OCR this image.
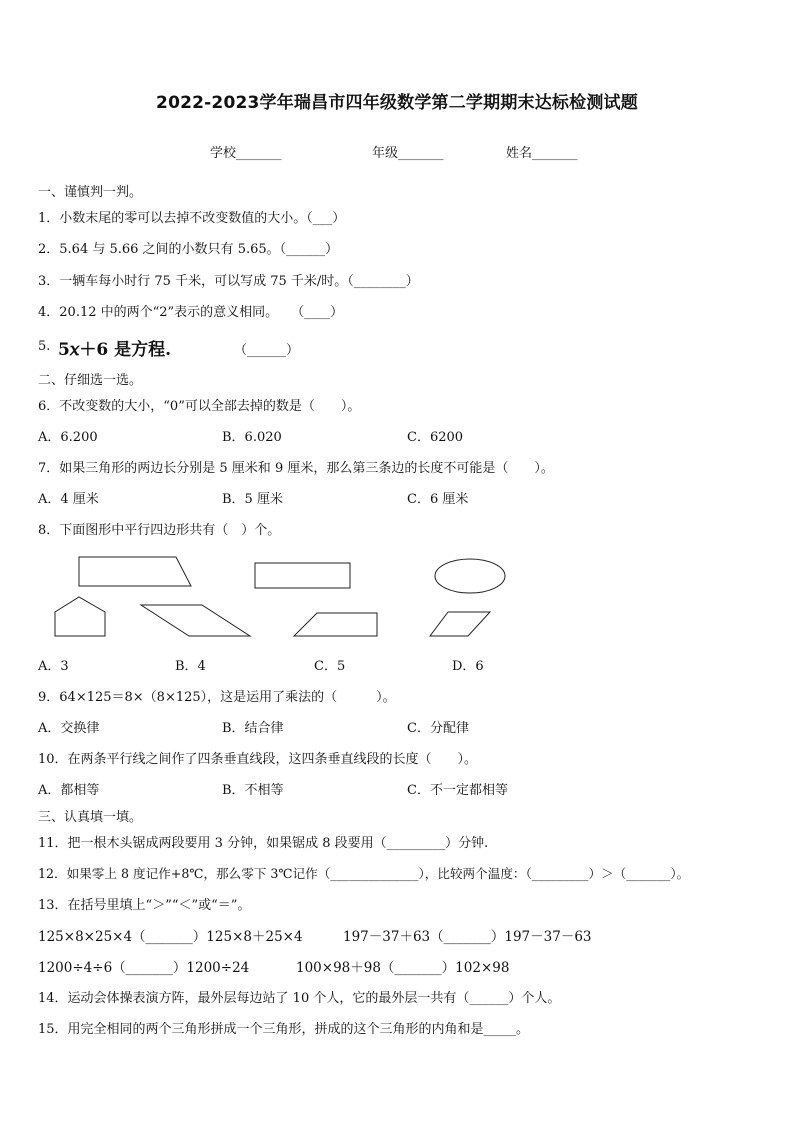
2022-2023学年瑞昌市四年级数学第二学期期末达标检测试题
学校_______	年级_______	姓名_______
一、谨慎判一判。
1．小数末尾的零可以去掉不改变数值的大小。（___）
2．5.64 与 5.66 之间的小数只有 5.65。（______）
3．一辆车每小时行 75 千米，可以写成 75 千米/时。（________）
4．20.12 中的两个“2”表示的意义相同。　　（____）
5. 5𝑥＋6 是方程.	（______）
二、仔细选一选。
6．不改变数的大小，“0”可以全部去掉的数是（　　）。
A．6.200	B．6.020	C．6200
7．如果三角形的两边长分别是 5 厘米和 9 厘米，那么第三条边的长度不可能是（　　）。
A．4 厘米	B．5 厘米	C．6 厘米
8．下面图形中平行四边形共有（　）个。
A．3	B．4	C．5	D．6
9．64×125＝8×（8×125），这是运用了乘法的（　　　）。
A．交换律	B．结合律	C．分配律
10．在两条平行线之间作了四条垂直线段，这四条垂直线段的长度（　　）。
A．都相等	B．不相等	C．不一定都相等
三、认真填一填。
11．把一根木头锯成两段要用 3 分钟，如果锯成 8 段要用（_________）分钟.
12．如果零上 8 度记作+8℃，那么零下 3℃记作（______________），比较两个温度：（_________）＞（_______）。
13．在括号里填上“＞”“＜”或“＝”。
125×8×25×4（_______）125×8＋25×4	197－37＋63（_______）197－37－63
1200÷4÷6（_______）1200÷24	100×98＋98（_______）102×98
14．运动会体操表演方阵，最外层每边站了 10 个人，它的最外层一共有（______）个人。
15．用完全相同的两个三角形拼成一个三角形，拼成的这个三角形的内角和是_____。
